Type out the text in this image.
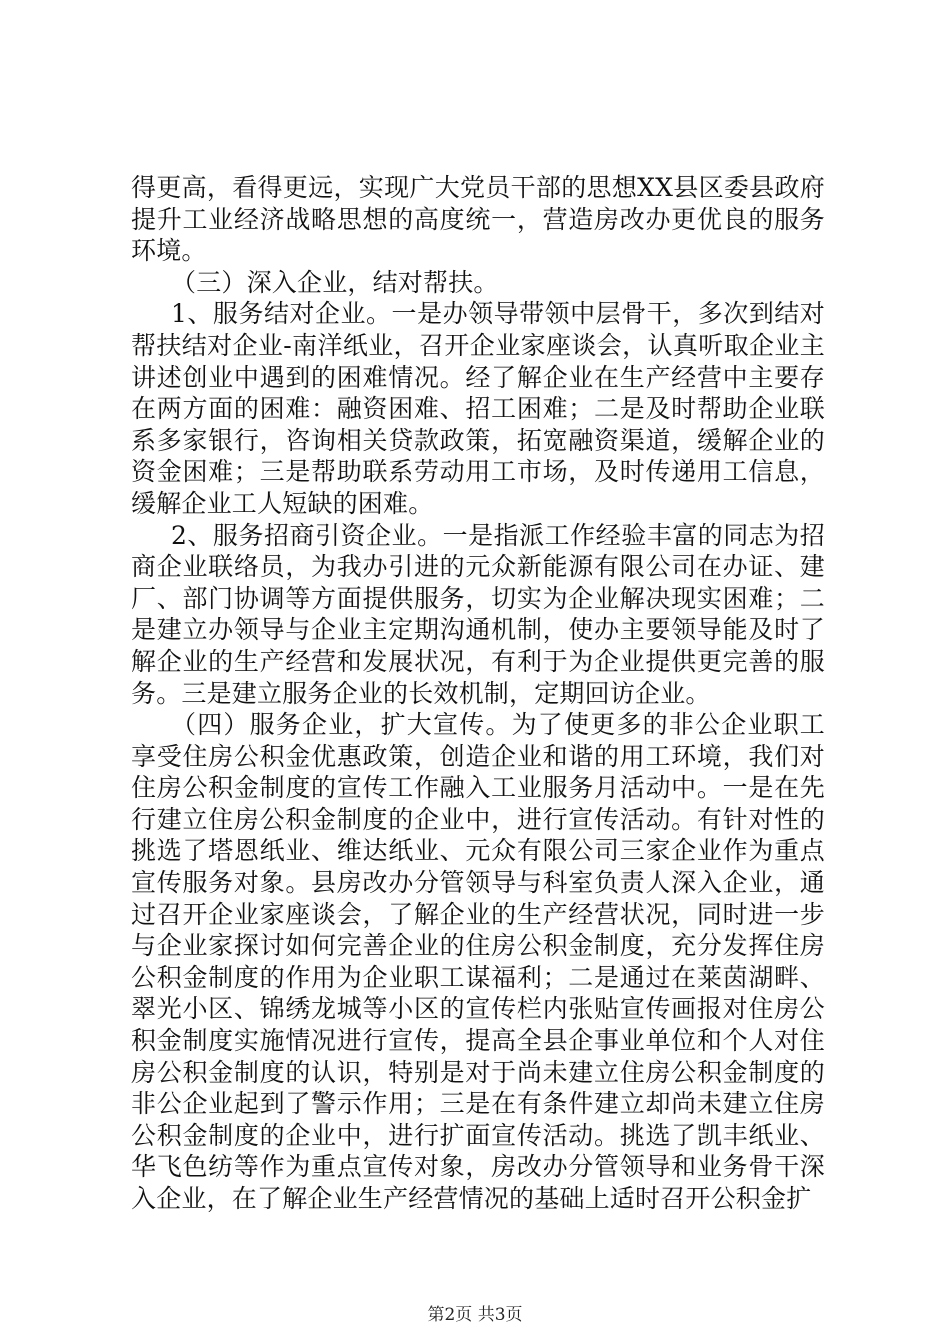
得更高，看得更远，实现广大党员干部的思想XX县区委县政府提升工业经济战略思想的高度统一，营造房改办更优良的服务环境。

（三）深入企业，结对帮扶。

1、服务结对企业。一是办领导带领中层骨干，多次到结对帮扶结对企业-南洋纸业，召开企业家座谈会，认真听取企业主讲述创业中遇到的困难情况。经了解企业在生产经营中主要存在两方面的困难：融资困难、招工困难；二是及时帮助企业联系多家银行，咨询相关贷款政策，拓宽融资渠道，缓解企业的资金困难；三是帮助联系劳动用工市场，及时传递用工信息，缓解企业工人短缺的困难。

2、服务招商引资企业。一是指派工作经验丰富的同志为招商企业联络员，为我办引进的元众新能源有限公司在办证、建厂、部门协调等方面提供服务，切实为企业解决现实困难；二是建立办领导与企业主定期沟通机制，使办主要领导能及时了解企业的生产经营和发展状况，有利于为企业提供更完善的服务。三是建立服务企业的长效机制，定期回访企业。

（四）服务企业，扩大宣传。为了使更多的非公企业职工享受住房公积金优惠政策，创造企业和谐的用工环境，我们对住房公积金制度的宣传工作融入工业服务月活动中。一是在先行建立住房公积金制度的企业中，进行宣传活动。有针对性的挑选了塔恩纸业、维达纸业、元众有限公司三家企业作为重点宣传服务对象。县房改办分管领导与科室负责人深入企业，通过召开企业家座谈会，了解企业的生产经营状况，同时进一步与企业家探讨如何完善企业的住房公积金制度，充分发挥住房公积金制度的作用为企业职工谋福利；二是通过在莱茵湖畔、翠光小区、锦绣龙城等小区的宣传栏内张贴宣传画报对住房公积金制度实施情况进行宣传，提高全县企事业单位和个人对住房公积金制度的认识，特别是对于尚未建立住房公积金制度的非公企业起到了警示作用；三是在有条件建立却尚未建立住房公积金制度的企业中，进行扩面宣传活动。挑选了凯丰纸业、华飞色纺等作为重点宣传对象，房改办分管领导和业务骨干深入企业，在了解企业生产经营情况的基础上适时召开公积金扩

第2页 共3页
